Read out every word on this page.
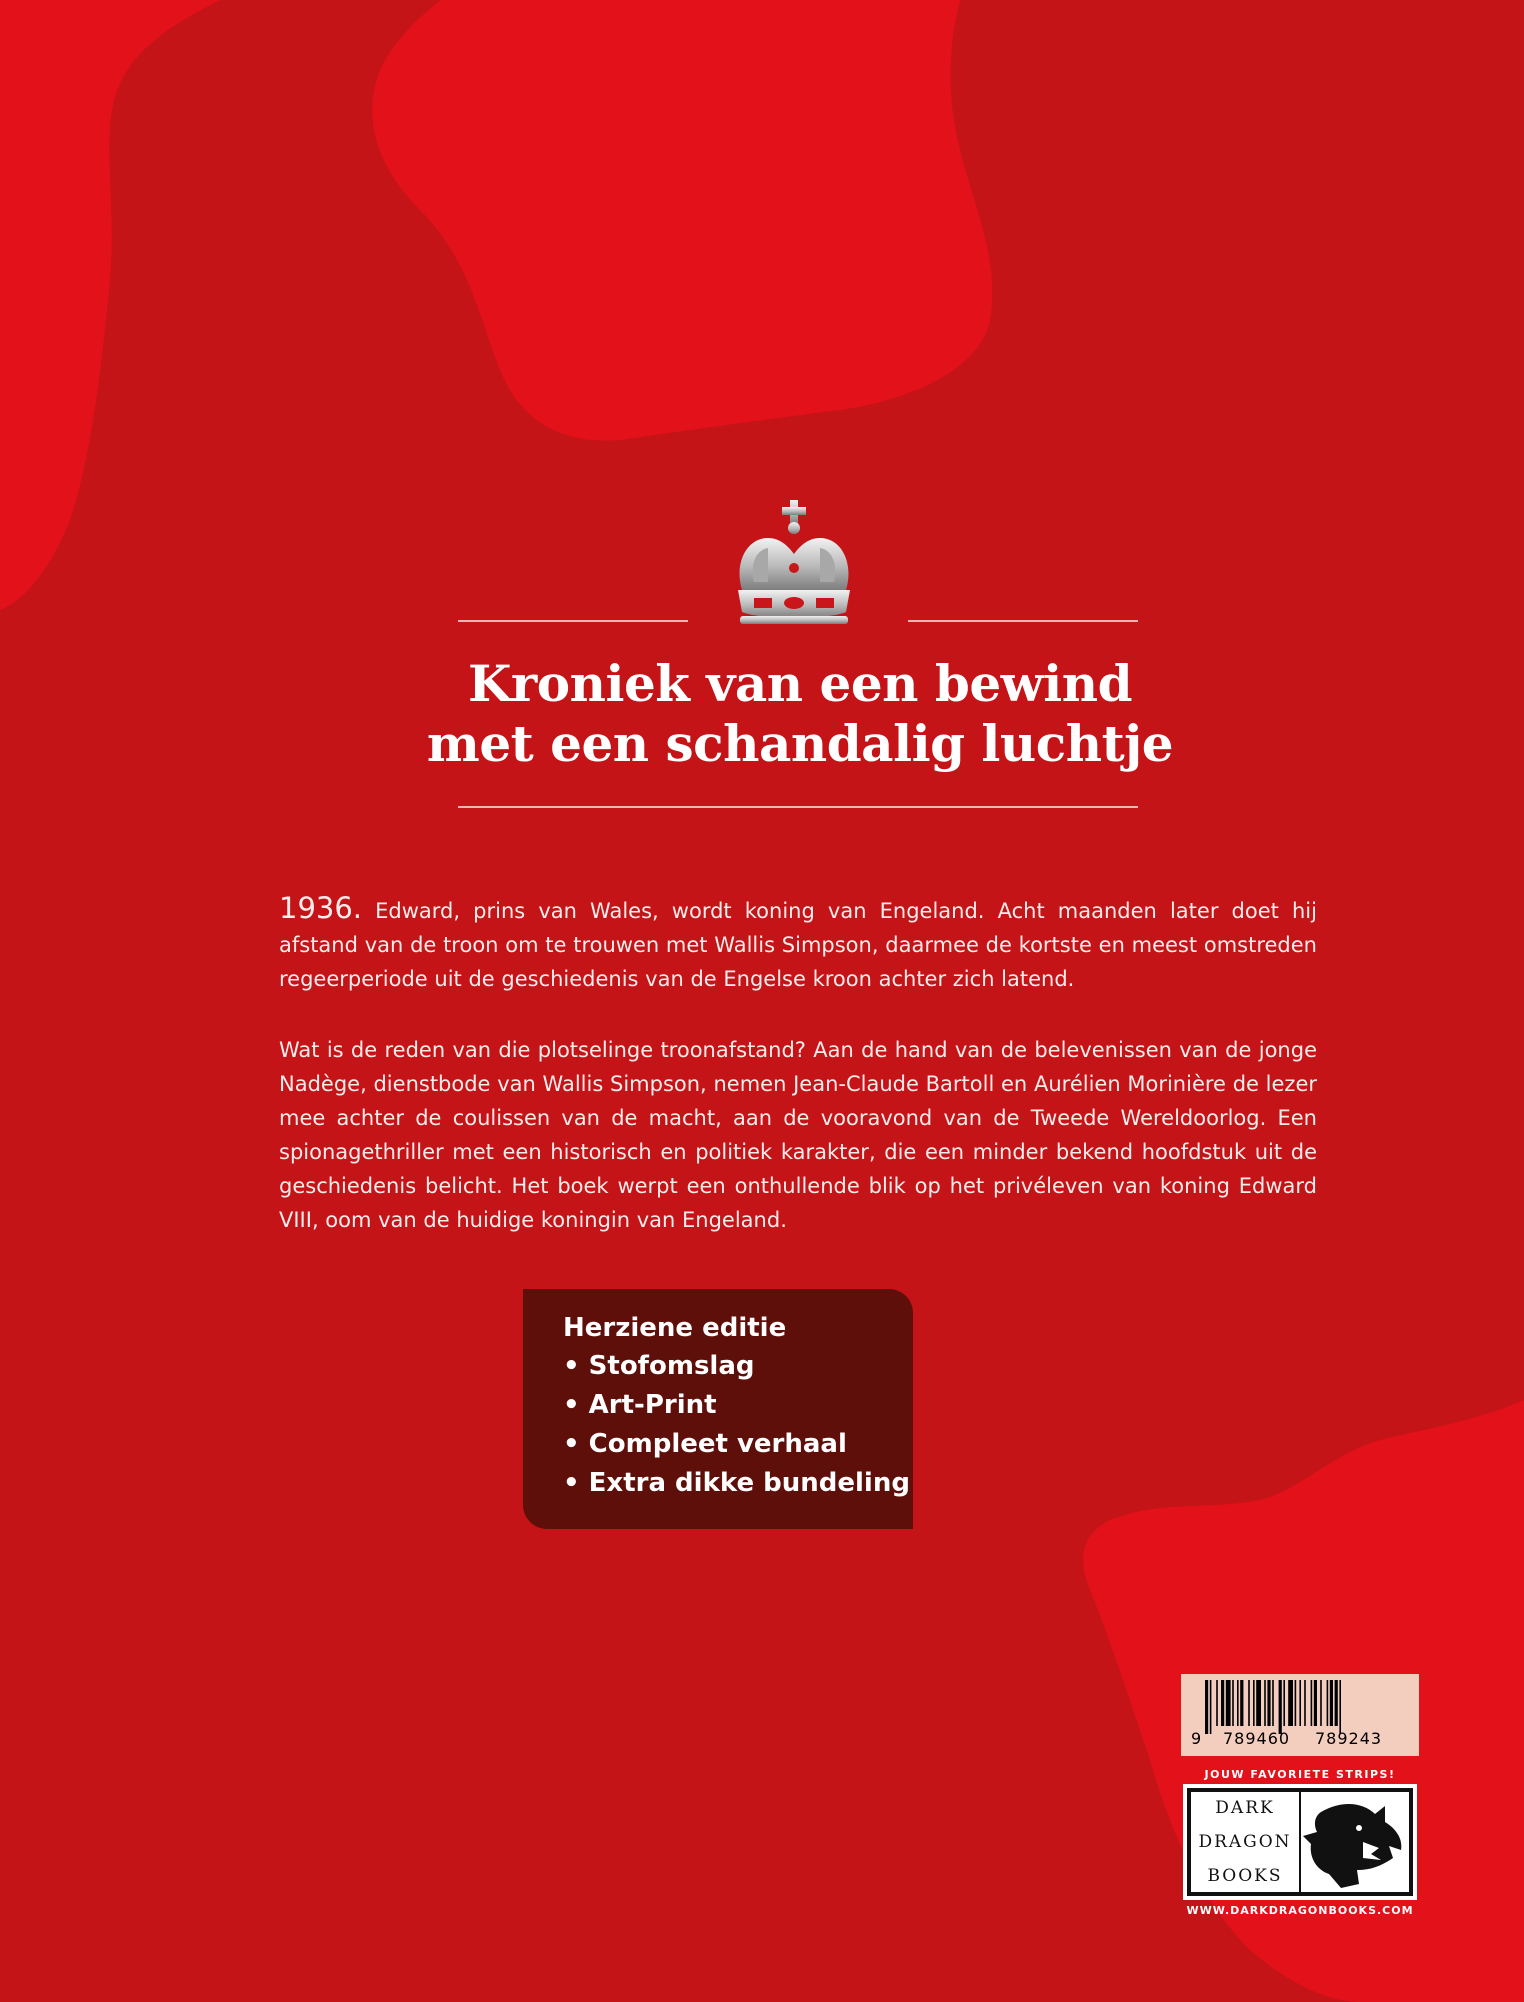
Kroniek van een bewind
met een schandalig luchtje
1936. Edward, prins van Wales, wordt koning van Engeland. Acht maanden later doet hij afstand van de troon om te trouwen met Wallis Simpson, daarmee de kortste en meest omstreden regeerperiode uit de geschiedenis van de Engelse kroon achter zich latend.
Wat is de reden van die plotselinge troonafstand? Aan de hand van de belevenissen van de jonge Nadège, dienstbode van Wallis Simpson, nemen Jean-Claude Bartoll en Aurélien Morinière de lezer mee achter de coulissen van de macht, aan de vooravond van de Tweede Wereldoorlog. Een spionagethriller met een historisch en politiek karakter, die een minder bekend hoofdstuk uit de geschiedenis belicht. Het boek werpt een onthullende blik op het privéleven van koning Edward VIII, oom van de huidige koningin van Engeland.
Herziene editie
• Stofomslag
• Art-Print
• Compleet verhaal
• Extra dikke bundeling
9 789460 789243
JOUW FAVORIETE STRIPS!
DARK
DRAGON
BOOKS
WWW.DARKDRAGONBOOKS.COM
